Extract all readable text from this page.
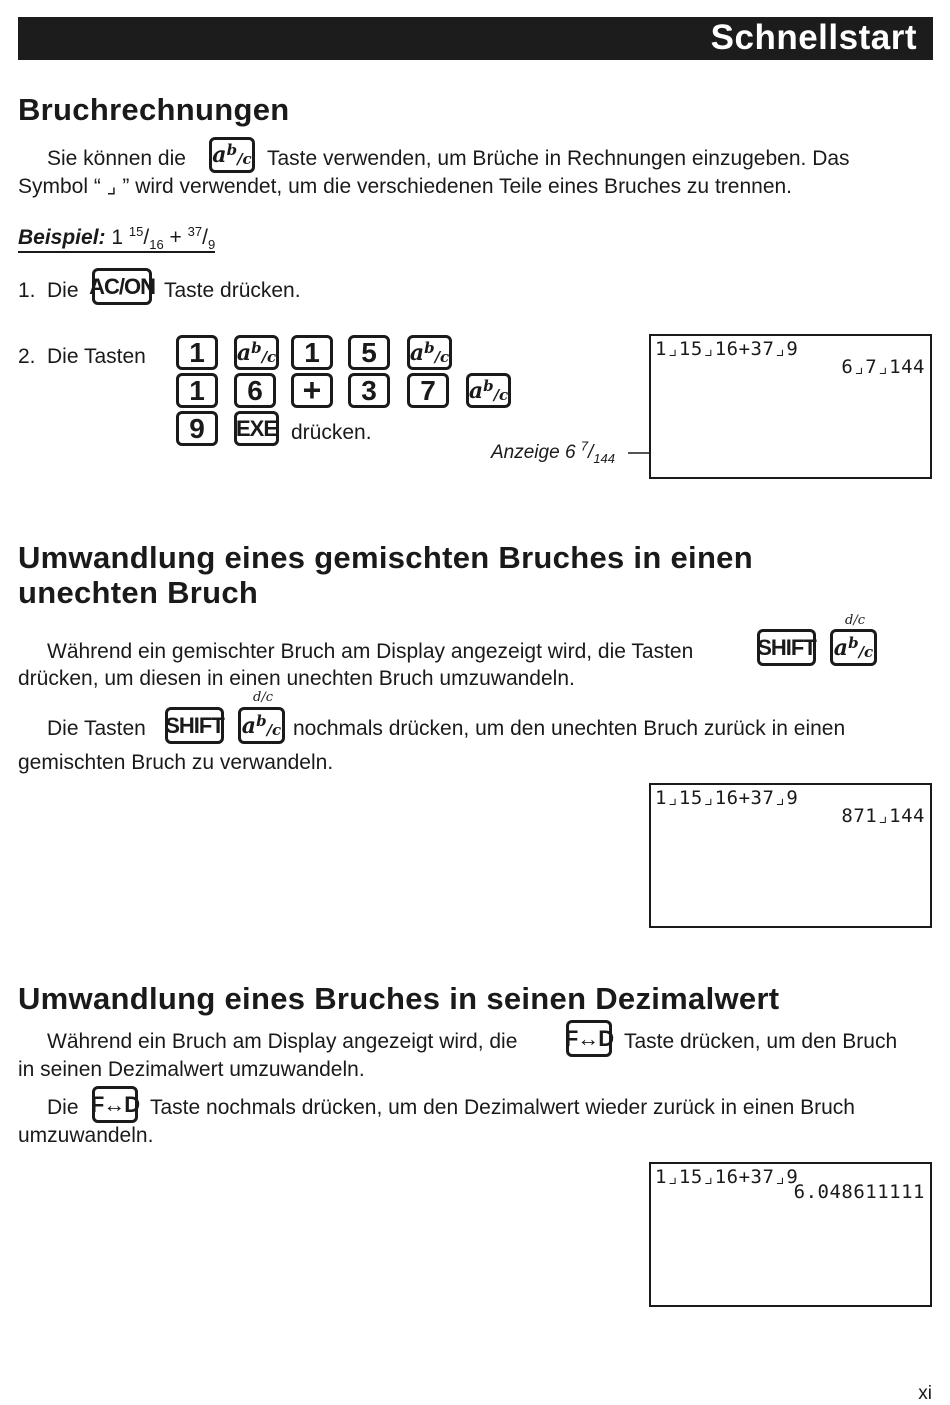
Schnellstart
Bruchrechnungen
Sie können die a b /c Taste verwenden, um Brüche in Rechnungen einzugeben. Das
Symbol “ ⌟ ” wird verwendet, um die verschiedenen Teile eines Bruches zu trennen.
Beispiel: 1 $^{15}/_{16} + ^{37}/_9$
1. Die AC/ON Taste drücken.
2. Die Tasten	1	a b /c	1	5	a b /c
1	6	+	3	7	a b /c
9	EXE drücken.
Anzeige 6 $^7/_{144}$
1⌟15⌟16+37⌟9
6⌟7⌟144
Umwandlung eines gemischten Bruches in einen
unechten Bruch
Während ein gemischter Bruch am Display angezeigt wird, die Tasten	SHIFT
d/c
a b /c
drücken, um diesen in einen unechten Bruch umzuwandeln.
Die Tasten SHIFT
d/c
a b /c nochmals drücken, um den unechten Bruch zurück in einen
gemischten Bruch zu verwandeln.
1⌟15⌟16+37⌟9
871⌟144
Umwandlung eines Bruches in seinen Dezimalwert
Während ein Bruch am Display angezeigt wird, die F↔D Taste drücken, um den Bruch
in seinen Dezimalwert umzuwandeln.
Die F↔D Taste nochmals drücken, um den Dezimalwert wieder zurück in einen Bruch
umzuwandeln.
1⌟15⌟16+37⌟9
6.048611111
xi
